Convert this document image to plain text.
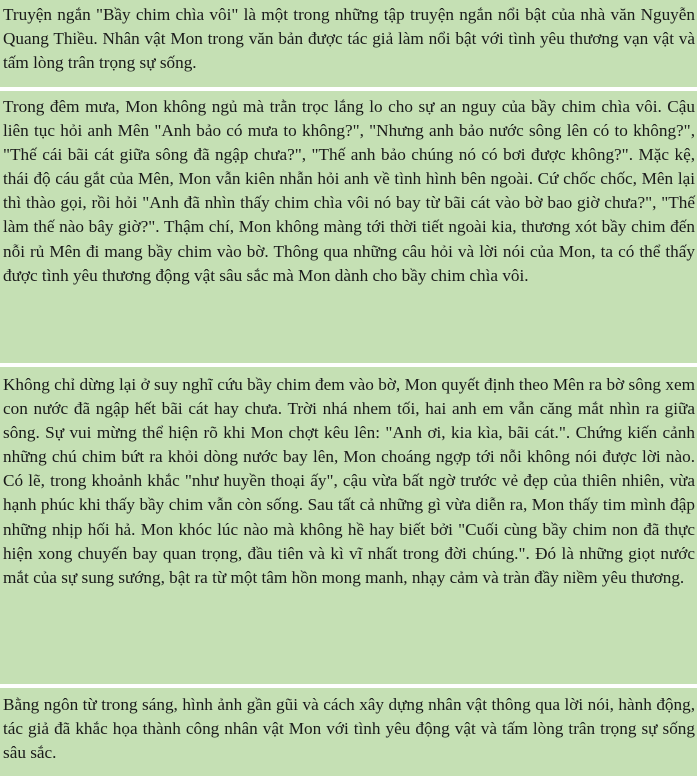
Truyện ngắn "Bầy chim chìa vôi" là một trong những tập truyện ngắn nổi bật của nhà văn Nguyễn Quang Thiều. Nhân vật Mon trong văn bản được tác giả làm nổi bật với tình yêu thương vạn vật và tấm lòng trân trọng sự sống.
Trong đêm mưa, Mon không ngủ mà trằn trọc lắng lo cho sự an nguy của bầy chim chìa vôi. Cậu liên tục hỏi anh Mên "Anh bảo có mưa to không?", "Nhưng anh bảo nước sông lên có to không?", "Thế cái bãi cát giữa sông đã ngập chưa?", "Thế anh bảo chúng nó có bơi được không?". Mặc kệ, thái độ cáu gắt của Mên, Mon vẫn kiên nhẫn hỏi anh về tình hình bên ngoài. Cứ chốc chốc, Mên lại thì thào gọi, rồi hỏi "Anh đã nhìn thấy chim chìa vôi nó bay từ bãi cát vào bờ bao giờ chưa?", "Thế làm thế nào bây giờ?". Thậm chí, Mon không màng tới thời tiết ngoài kia, thương xót bầy chim đến nỗi rủ Mên đi mang bầy chim vào bờ. Thông qua những câu hỏi và lời nói của Mon, ta có thể thấy được tình yêu thương động vật sâu sắc mà Mon dành cho bầy chim chìa vôi.
Không chỉ dừng lại ở suy nghĩ cứu bầy chim đem vào bờ, Mon quyết định theo Mên ra bờ sông xem con nước đã ngập hết bãi cát hay chưa. Trời nhá nhem tối, hai anh em vẫn căng mắt nhìn ra giữa sông. Sự vui mừng thể hiện rõ khi Mon chợt kêu lên: "Anh ơi, kia kìa, bãi cát.". Chứng kiến cảnh những chú chim bứt ra khỏi dòng nước bay lên, Mon choáng ngợp tới nỗi không nói được lời nào. Có lẽ, trong khoảnh khắc "như huyền thoại ấy", cậu vừa bất ngờ trước vẻ đẹp của thiên nhiên, vừa hạnh phúc khi thấy bầy chim vẫn còn sống. Sau tất cả những gì vừa diễn ra, Mon thấy tim mình đập những nhịp hối hả. Mon khóc lúc nào mà không hề hay biết bởi "Cuối cùng bầy chim non đã thực hiện xong chuyến bay quan trọng, đầu tiên và kì vĩ nhất trong đời chúng.". Đó là những giọt nước mắt của sự sung sướng, bật ra từ một tâm hồn mong manh, nhạy cảm và tràn đầy niềm yêu thương.
Bằng ngôn từ trong sáng, hình ảnh gần gũi và cách xây dựng nhân vật thông qua lời nói, hành động, tác giả đã khắc họa thành công nhân vật Mon với tình yêu động vật và tấm lòng trân trọng sự sống sâu sắc.
